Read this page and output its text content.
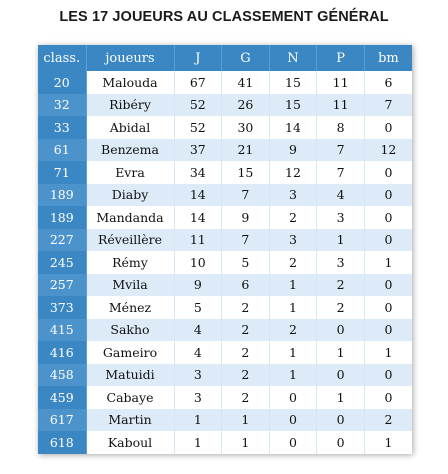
LES 17 JOUEURS AU CLASSEMENT GÉNÉRAL
class.	joueurs	J	G	N	P	bm
20	Malouda	67	41	15	11	6
32	Ribéry	52	26	15	11	7
33	Abidal	52	30	14	8	0
61	Benzema	37	21	9	7	12
71	Evra	34	15	12	7	0
189	Diaby	14	7	3	4	0
189	Mandanda	14	9	2	3	0
227	Réveillère	11	7	3	1	0
245	Rémy	10	5	2	3	1
257	Mvila	9	6	1	2	0
373	Ménez	5	2	1	2	0
415	Sakho	4	2	2	0	0
416	Gameiro	4	2	1	1	1
458	Matuidi	3	2	1	0	0
459	Cabaye	3	2	0	1	0
617	Martin	1	1	0	0	2
618	Kaboul	1	1	0	0	1
